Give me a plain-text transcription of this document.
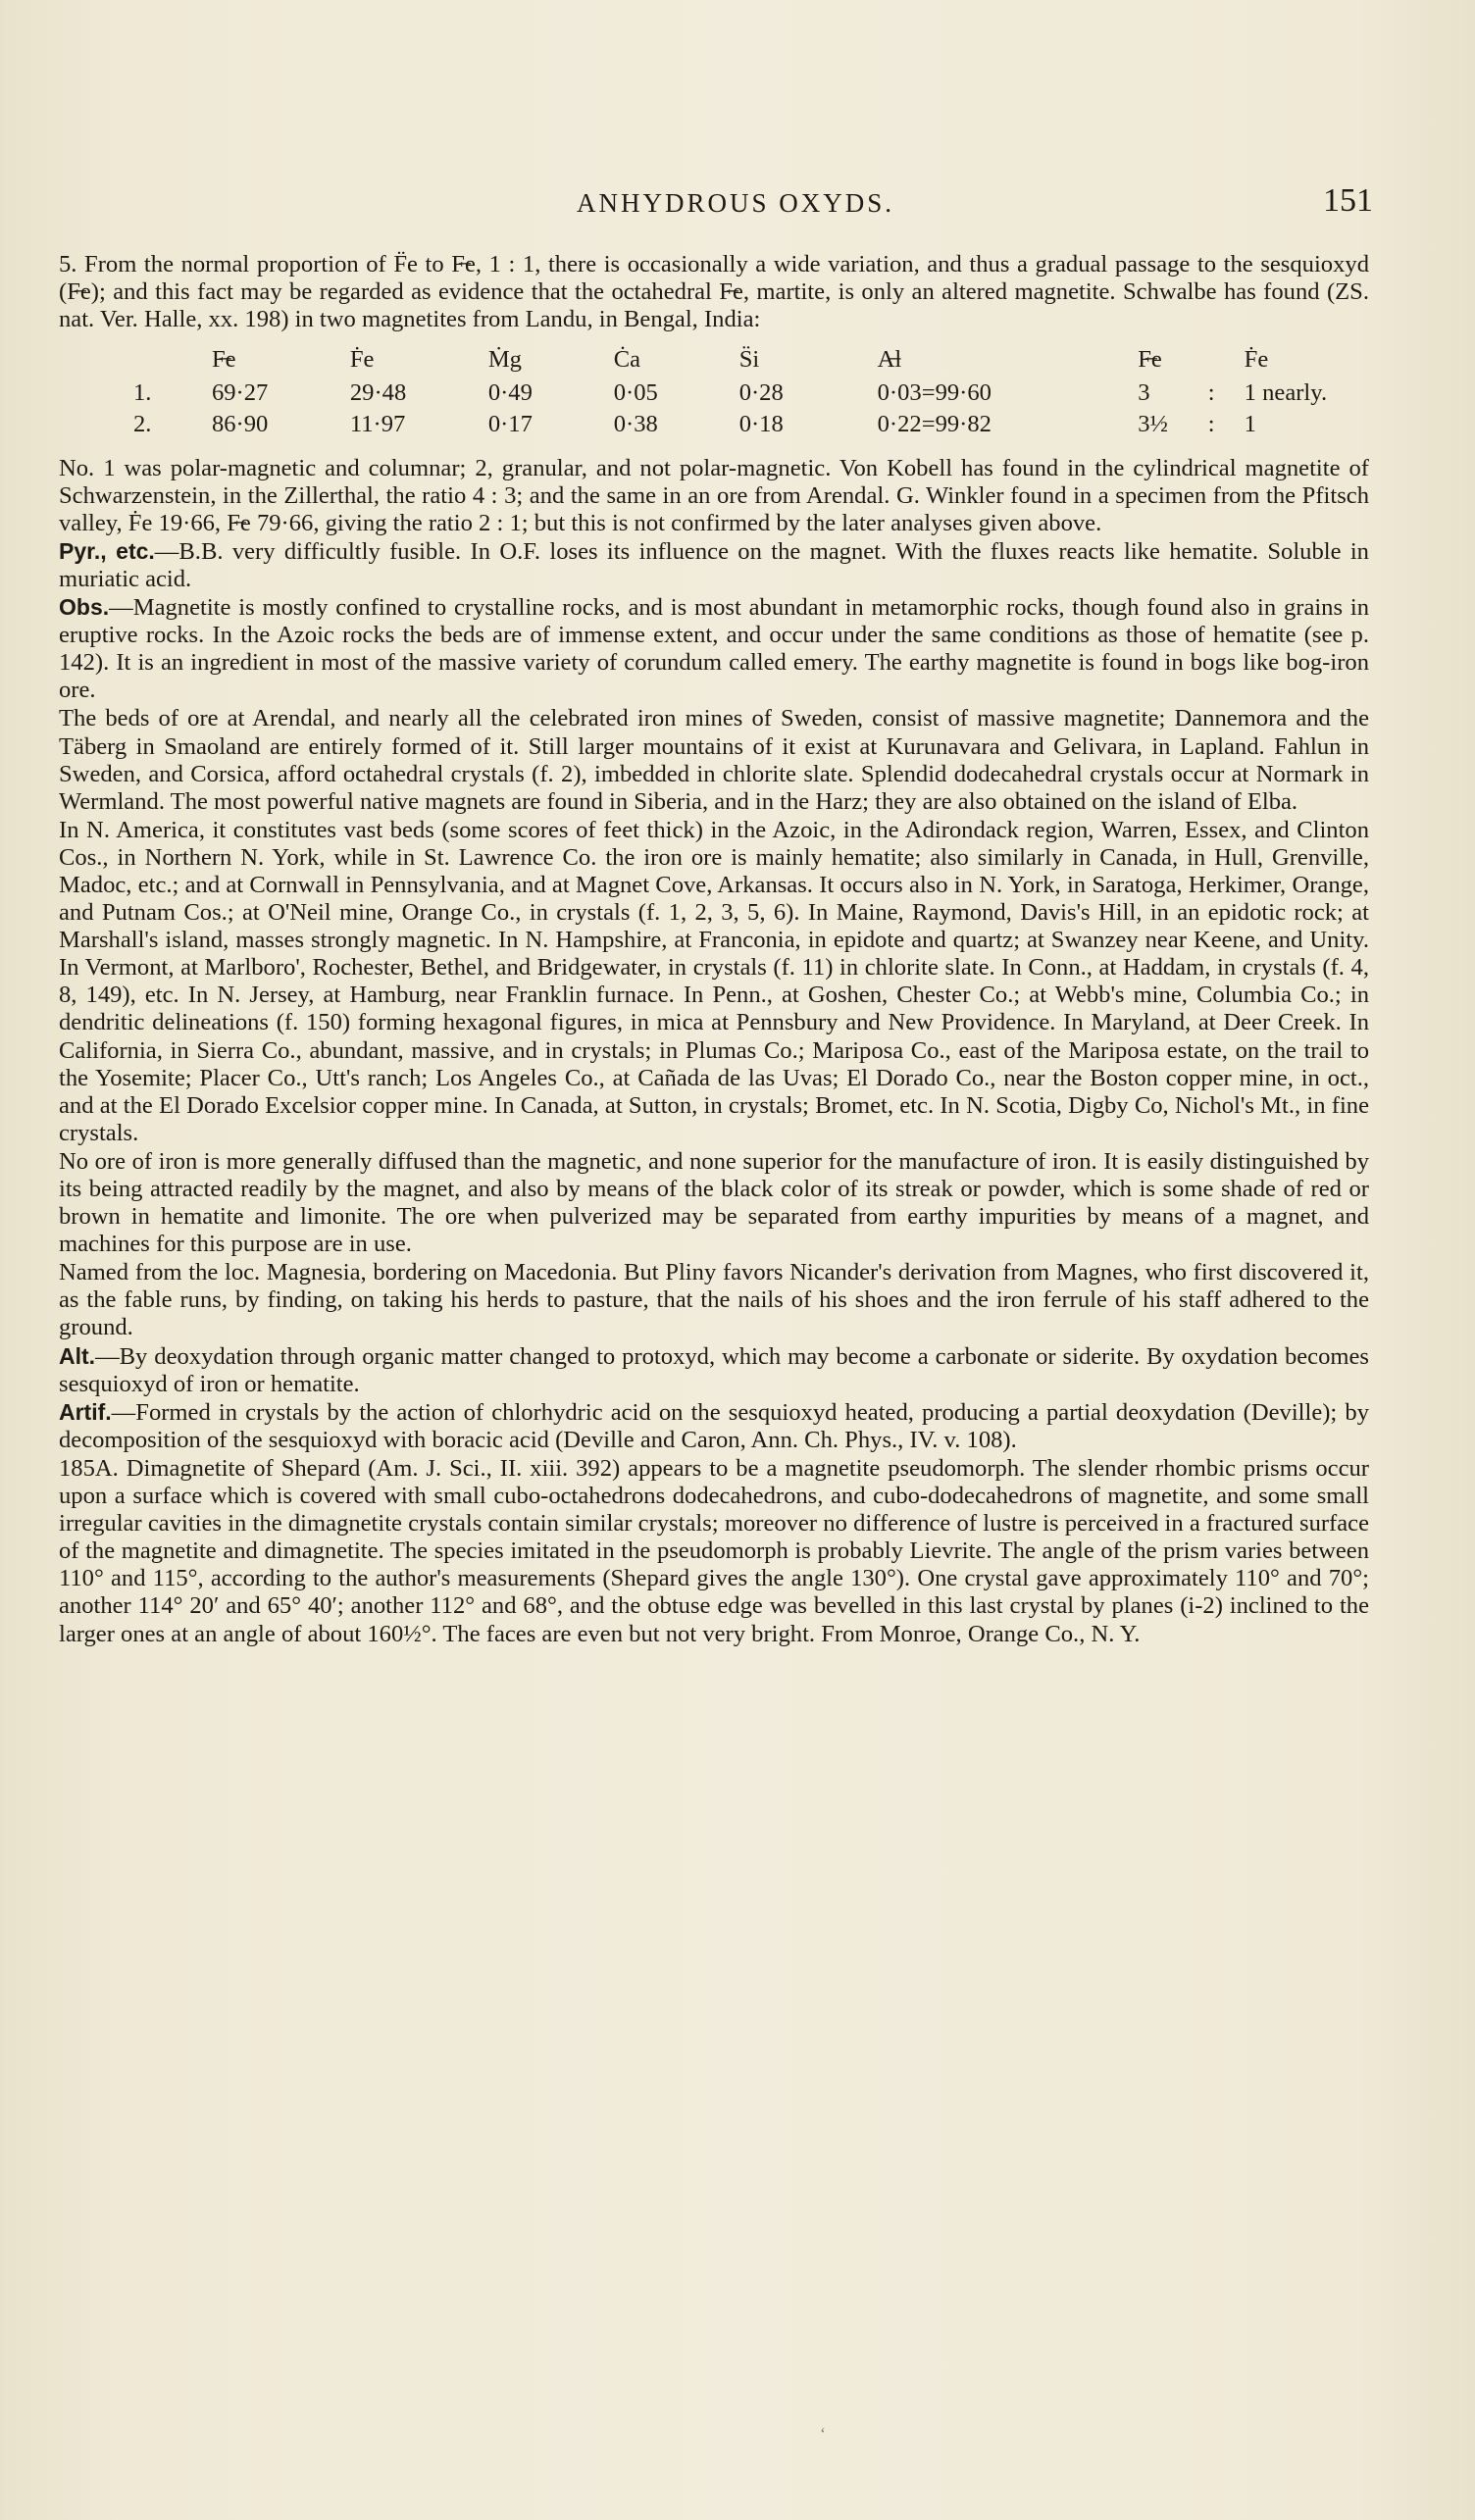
ANHYDROUS OXYDS.	151

5. From the normal proportion of F̈e to F̶e, 1 : 1, there is occasionally a wide variation, and thus a gradual passage to the sesquioxyd (F̶e); and this fact may be regarded as evidence that the octahedral F̶e, martite, is only an altered magnetite. Schwalbe has found (ZS. nat. Ver. Halle, xx. 198) in two magnetites from Landu, in Bengal, India:

	F̶e	Ḟe	Ṁg	Ċa	S̈i	A̶l	F̶e		Ḟe
1.	69·27	29·48	0·49	0·05	0·28	0·03=99·60	3	:	1 nearly.
2.	86·90	11·97	0·17	0·38	0·18	0·22=99·82	3½	:	1

No. 1 was polar-magnetic and columnar; 2, granular, and not polar-magnetic. Von Kobell has found in the cylindrical magnetite of Schwarzenstein, in the Zillerthal, the ratio 4 : 3; and the same in an ore from Arendal. G. Winkler found in a specimen from the Pfitsch valley, Ḟe 19·66, F̶e 79·66, giving the ratio 2 : 1; but this is not confirmed by the later analyses given above.

Pyr., etc.—B.B. very difficultly fusible. In O.F. loses its influence on the magnet. With the fluxes reacts like hematite. Soluble in muriatic acid.

Obs.—Magnetite is mostly confined to crystalline rocks, and is most abundant in metamorphic rocks, though found also in grains in eruptive rocks. In the Azoic rocks the beds are of immense extent, and occur under the same conditions as those of hematite (see p. 142). It is an ingredient in most of the massive variety of corundum called emery. The earthy magnetite is found in bogs like bog-iron ore.

The beds of ore at Arendal, and nearly all the celebrated iron mines of Sweden, consist of massive magnetite; Dannemora and the Täberg in Smaoland are entirely formed of it. Still larger mountains of it exist at Kurunavara and Gelivara, in Lapland. Fahlun in Sweden, and Corsica, afford octahedral crystals (f. 2), imbedded in chlorite slate. Splendid dodecahedral crystals occur at Normark in Wermland. The most powerful native magnets are found in Siberia, and in the Harz; they are also obtained on the island of Elba.

In N. America, it constitutes vast beds (some scores of feet thick) in the Azoic, in the Adirondack region, Warren, Essex, and Clinton Cos., in Northern N. York, while in St. Lawrence Co. the iron ore is mainly hematite; also similarly in Canada, in Hull, Grenville, Madoc, etc.; and at Cornwall in Pennsylvania, and at Magnet Cove, Arkansas. It occurs also in N. York, in Saratoga, Herkimer, Orange, and Putnam Cos.; at O'Neil mine, Orange Co., in crystals (f. 1, 2, 3, 5, 6). In Maine, Raymond, Davis's Hill, in an epidotic rock; at Marshall's island, masses strongly magnetic. In N. Hampshire, at Franconia, in epidote and quartz; at Swanzey near Keene, and Unity. In Vermont, at Marlboro', Rochester, Bethel, and Bridgewater, in crystals (f. 11) in chlorite slate. In Conn., at Haddam, in crystals (f. 4, 8, 149), etc. In N. Jersey, at Hamburg, near Franklin furnace. In Penn., at Goshen, Chester Co.; at Webb's mine, Columbia Co.; in dendritic delineations (f. 150) forming hexagonal figures, in mica at Pennsbury and New Providence. In Maryland, at Deer Creek. In California, in Sierra Co., abundant, massive, and in crystals; in Plumas Co.; Mariposa Co., east of the Mariposa estate, on the trail to the Yosemite; Placer Co., Utt's ranch; Los Angeles Co., at Cañada de las Uvas; El Dorado Co., near the Boston copper mine, in oct., and at the El Dorado Excelsior copper mine. In Canada, at Sutton, in crystals; Bromet, etc. In N. Scotia, Digby Co, Nichol's Mt., in fine crystals.

No ore of iron is more generally diffused than the magnetic, and none superior for the manufacture of iron. It is easily distinguished by its being attracted readily by the magnet, and also by means of the black color of its streak or powder, which is some shade of red or brown in hematite and limonite. The ore when pulverized may be separated from earthy impurities by means of a magnet, and machines for this purpose are in use.

Named from the loc. Magnesia, bordering on Macedonia. But Pliny favors Nicander's derivation from Magnes, who first discovered it, as the fable runs, by finding, on taking his herds to pasture, that the nails of his shoes and the iron ferrule of his staff adhered to the ground.

Alt.—By deoxydation through organic matter changed to protoxyd, which may become a carbonate or siderite. By oxydation becomes sesquioxyd of iron or hematite.

Artif.—Formed in crystals by the action of chlorhydric acid on the sesquioxyd heated, producing a partial deoxydation (Deville); by decomposition of the sesquioxyd with boracic acid (Deville and Caron, Ann. Ch. Phys., IV. v. 108).

185A. Dimagnetite of Shepard (Am. J. Sci., II. xiii. 392) appears to be a magnetite pseudomorph. The slender rhombic prisms occur upon a surface which is covered with small cubo-octahedrons dodecahedrons, and cubo-dodecahedrons of magnetite, and some small irregular cavities in the dimagnetite crystals contain similar crystals; moreover no difference of lustre is perceived in a fractured surface of the magnetite and dimagnetite. The species imitated in the pseudomorph is probably Lievrite. The angle of the prism varies between 110° and 115°, according to the author's measurements (Shepard gives the angle 130°). One crystal gave approximately 110° and 70°; another 114° 20′ and 65° 40′; another 112° and 68°, and the obtuse edge was bevelled in this last crystal by planes (i-2) inclined to the larger ones at an angle of about 160½°. The faces are even but not very bright. From Monroe, Orange Co., N. Y.

‘
